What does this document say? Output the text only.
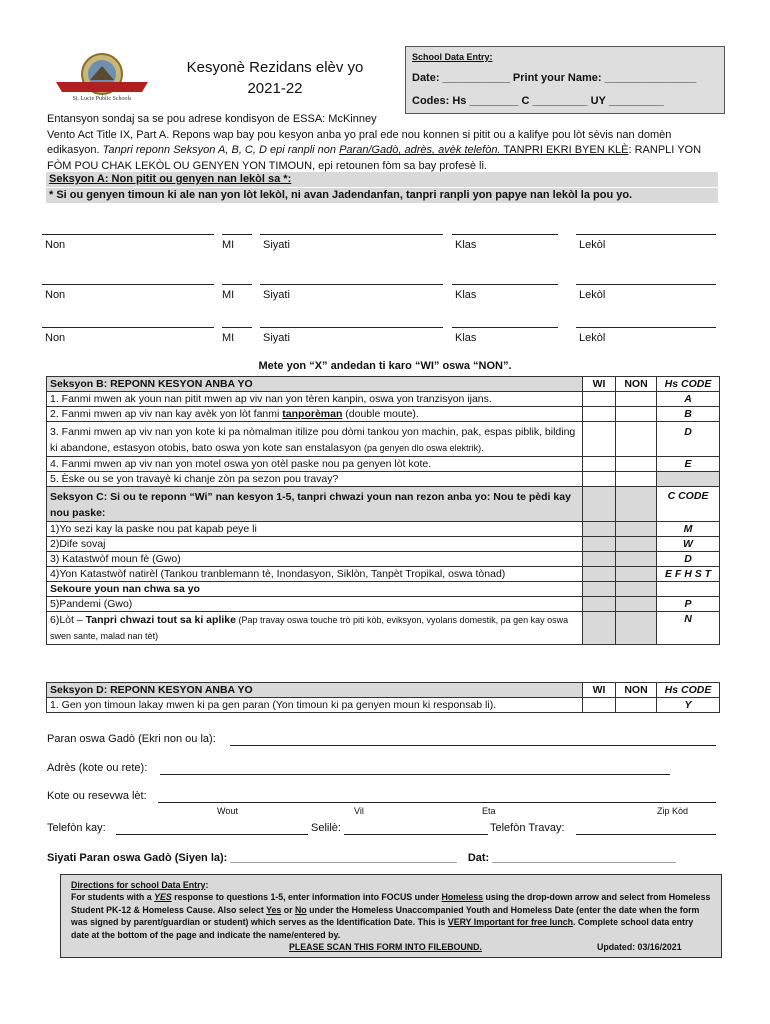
St. Lucie Public Schools
Kesyonè Rezidans elèv yo
2021-22
School Data Entry:
Date: ___________ Print your Name: _______________
Codes: Hs ________ C _________ UY _________
Entansyon sondaj sa se pou adrese kondisyon de ESSA: McKinney
Vento Act Title IX, Part A. Repons wap bay pou kesyon anba yo pral ede nou konnen si pitit ou a kalifye pou lòt sèvis nan domèn
edikasyon. Tanpri reponn Seksyon A, B, C, D epi ranpli non Paran/Gadò, adrès, avèk telefòn. TANPRI EKRI BYEN KLÈ: RANPLI YON
FÒM POU CHAK LEKÒL OU GENYEN YON TIMOUN, epi retounen fòm sa bay profesè li.
Seksyon A: Non pitit ou genyen nan lekòl sa *:
* Si ou genyen timoun ki ale nan yon lòt lekòl, ni avan Jadendanfan, tanpri ranpli yon papye nan lekòl la pou yo.
Non	MI	Siyati	Klas	Lekòl
Non	MI	Siyati	Klas	Lekòl
Non	MI	Siyati	Klas	Lekòl
Mete yon “X” andedan ti karo “WI” oswa “NON”.
Seksyon B: REPONN KESYON ANBA YO	WI	NON	Hs CODE
1. Fanmi mwen ak youn nan pitit mwen ap viv nan yon tèren kanpin, oswa yon tranzisyon ijans.			A
2. Fanmi mwen ap viv nan kay avèk yon lòt fanmi tanporèman (double moute).			B
3. Fanmi mwen ap viv nan yon kote ki pa nòmalman itilize pou dòmi tankou yon machin, pak, espas piblik, bilding ki abandone, estasyon otobis, bato oswa yon kote san enstalasyon (pa genyen dlo oswa elektrik).			D
4. Fanmi mwen ap viv nan yon motel oswa yon otèl paske nou pa genyen lòt kote.			E
5. Èske ou se yon travayè ki chanje zòn pa sezon pou travay?			
Seksyon C: Si ou te reponn “Wi” nan kesyon 1-5, tanpri chwazi youn nan rezon anba yo: Nou te pèdi kay nou paske:			C CODE
1)Yo sezi kay la paske nou pat kapab peye li			M
2)Dife sovaj			W
3) Katastwòf moun fè (Gwo)			D
4)Yon Katastwòf natirèl (Tankou tranblemann tè, Inondasyon, Siklòn, Tanpèt Tropikal, oswa tònad)			E F H S T
Sekoure youn nan chwa sa yo			
5)Pandemi (Gwo)			P
6)Lòt – Tanpri chwazi tout sa ki aplike (Pap travay oswa touche trò piti kòb, eviksyon, vyolans domestik, pa gen kay oswa swen sante, malad nan tèt)			N
Seksyon D: REPONN KESYON ANBA YO	WI	NON	Hs CODE
1. Gen yon timoun lakay mwen ki pa gen paran (Yon timoun ki pa genyen moun ki responsab li).			Y
Paran oswa Gadò (Ekri non ou la):
Adrès (kote ou rete):
Kote ou resevwa lèt:
Wout	Vil	Eta	Zip Kòd
Telefòn kay:	Selilè:	Telefòn Travay:
Siyati Paran oswa Gadò (Siyen la): _____________________________________ Dat: ______________________________
Directions for school Data Entry:
For students with a YES response to questions 1-5, enter information into FOCUS under Homeless using the drop-down arrow and select from Homeless
Student PK-12 & Homeless Cause. Also select Yes or No under the Homeless Unaccompanied Youth and Homeless Date (enter the date when the form
was signed by parent/guardian or student) which serves as the Identification Date. This is VERY Important for free lunch. Complete school data entry
date at the bottom of the page and indicate the name/entered by.
PLEASE SCAN THIS FORM INTO FILEBOUND.	Updated: 03/16/2021
